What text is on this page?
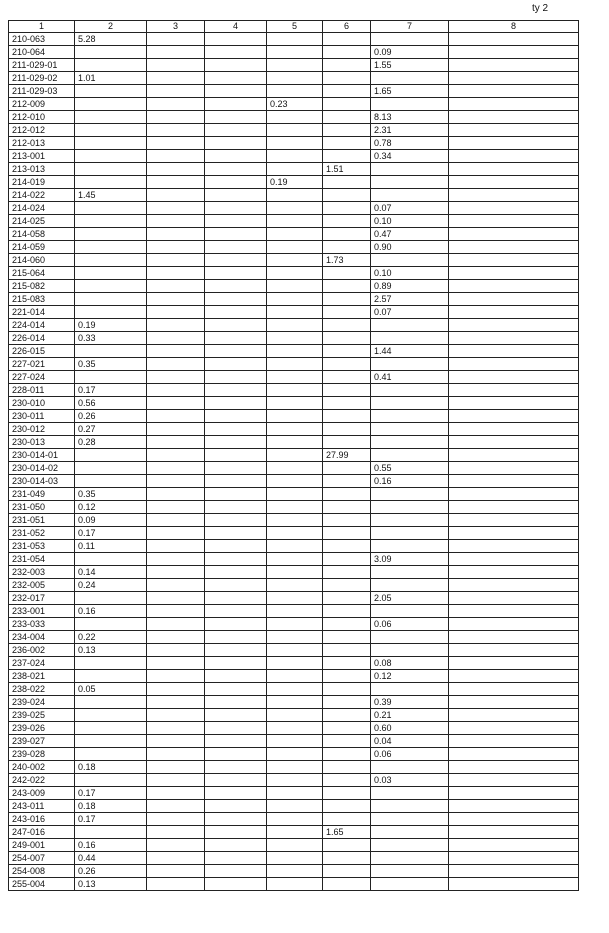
ty 2
1	2	3	4	5	6	7	8
210-063	5.28						
210-064						0.09	
211-029-01						1.55	
211-029-02	1.01						
211-029-03						1.65	
212-009				0.23			
212-010						8.13	
212-012						2.31	
212-013						0.78	
213-001						0.34	
213-013					1.51		
214-019				0.19			
214-022	1.45						
214-024						0.07	
214-025						0.10	
214-058						0.47	
214-059						0.90	
214-060					1.73		
215-064						0.10	
215-082						0.89	
215-083						2.57	
221-014						0.07	
224-014	0.19						
226-014	0.33						
226-015						1.44	
227-021	0.35						
227-024						0.41	
228-011	0.17						
230-010	0.56						
230-011	0.26						
230-012	0.27						
230-013	0.28						
230-014-01					27.99		
230-014-02						0.55	
230-014-03						0.16	
231-049	0.35						
231-050	0.12						
231-051	0.09						
231-052	0.17						
231-053	0.11						
231-054						3.09	
232-003	0.14						
232-005	0.24						
232-017						2.05	
233-001	0.16						
233-033						0.06	
234-004	0.22						
236-002	0.13						
237-024						0.08	
238-021						0.12	
238-022	0.05						
239-024						0.39	
239-025						0.21	
239-026						0.60	
239-027						0.04	
239-028						0.06	
240-002	0.18						
242-022						0.03	
243-009	0.17						
243-011	0.18						
243-016	0.17						
247-016					1.65		
249-001	0.16						
254-007	0.44						
254-008	0.26						
255-004	0.13						
